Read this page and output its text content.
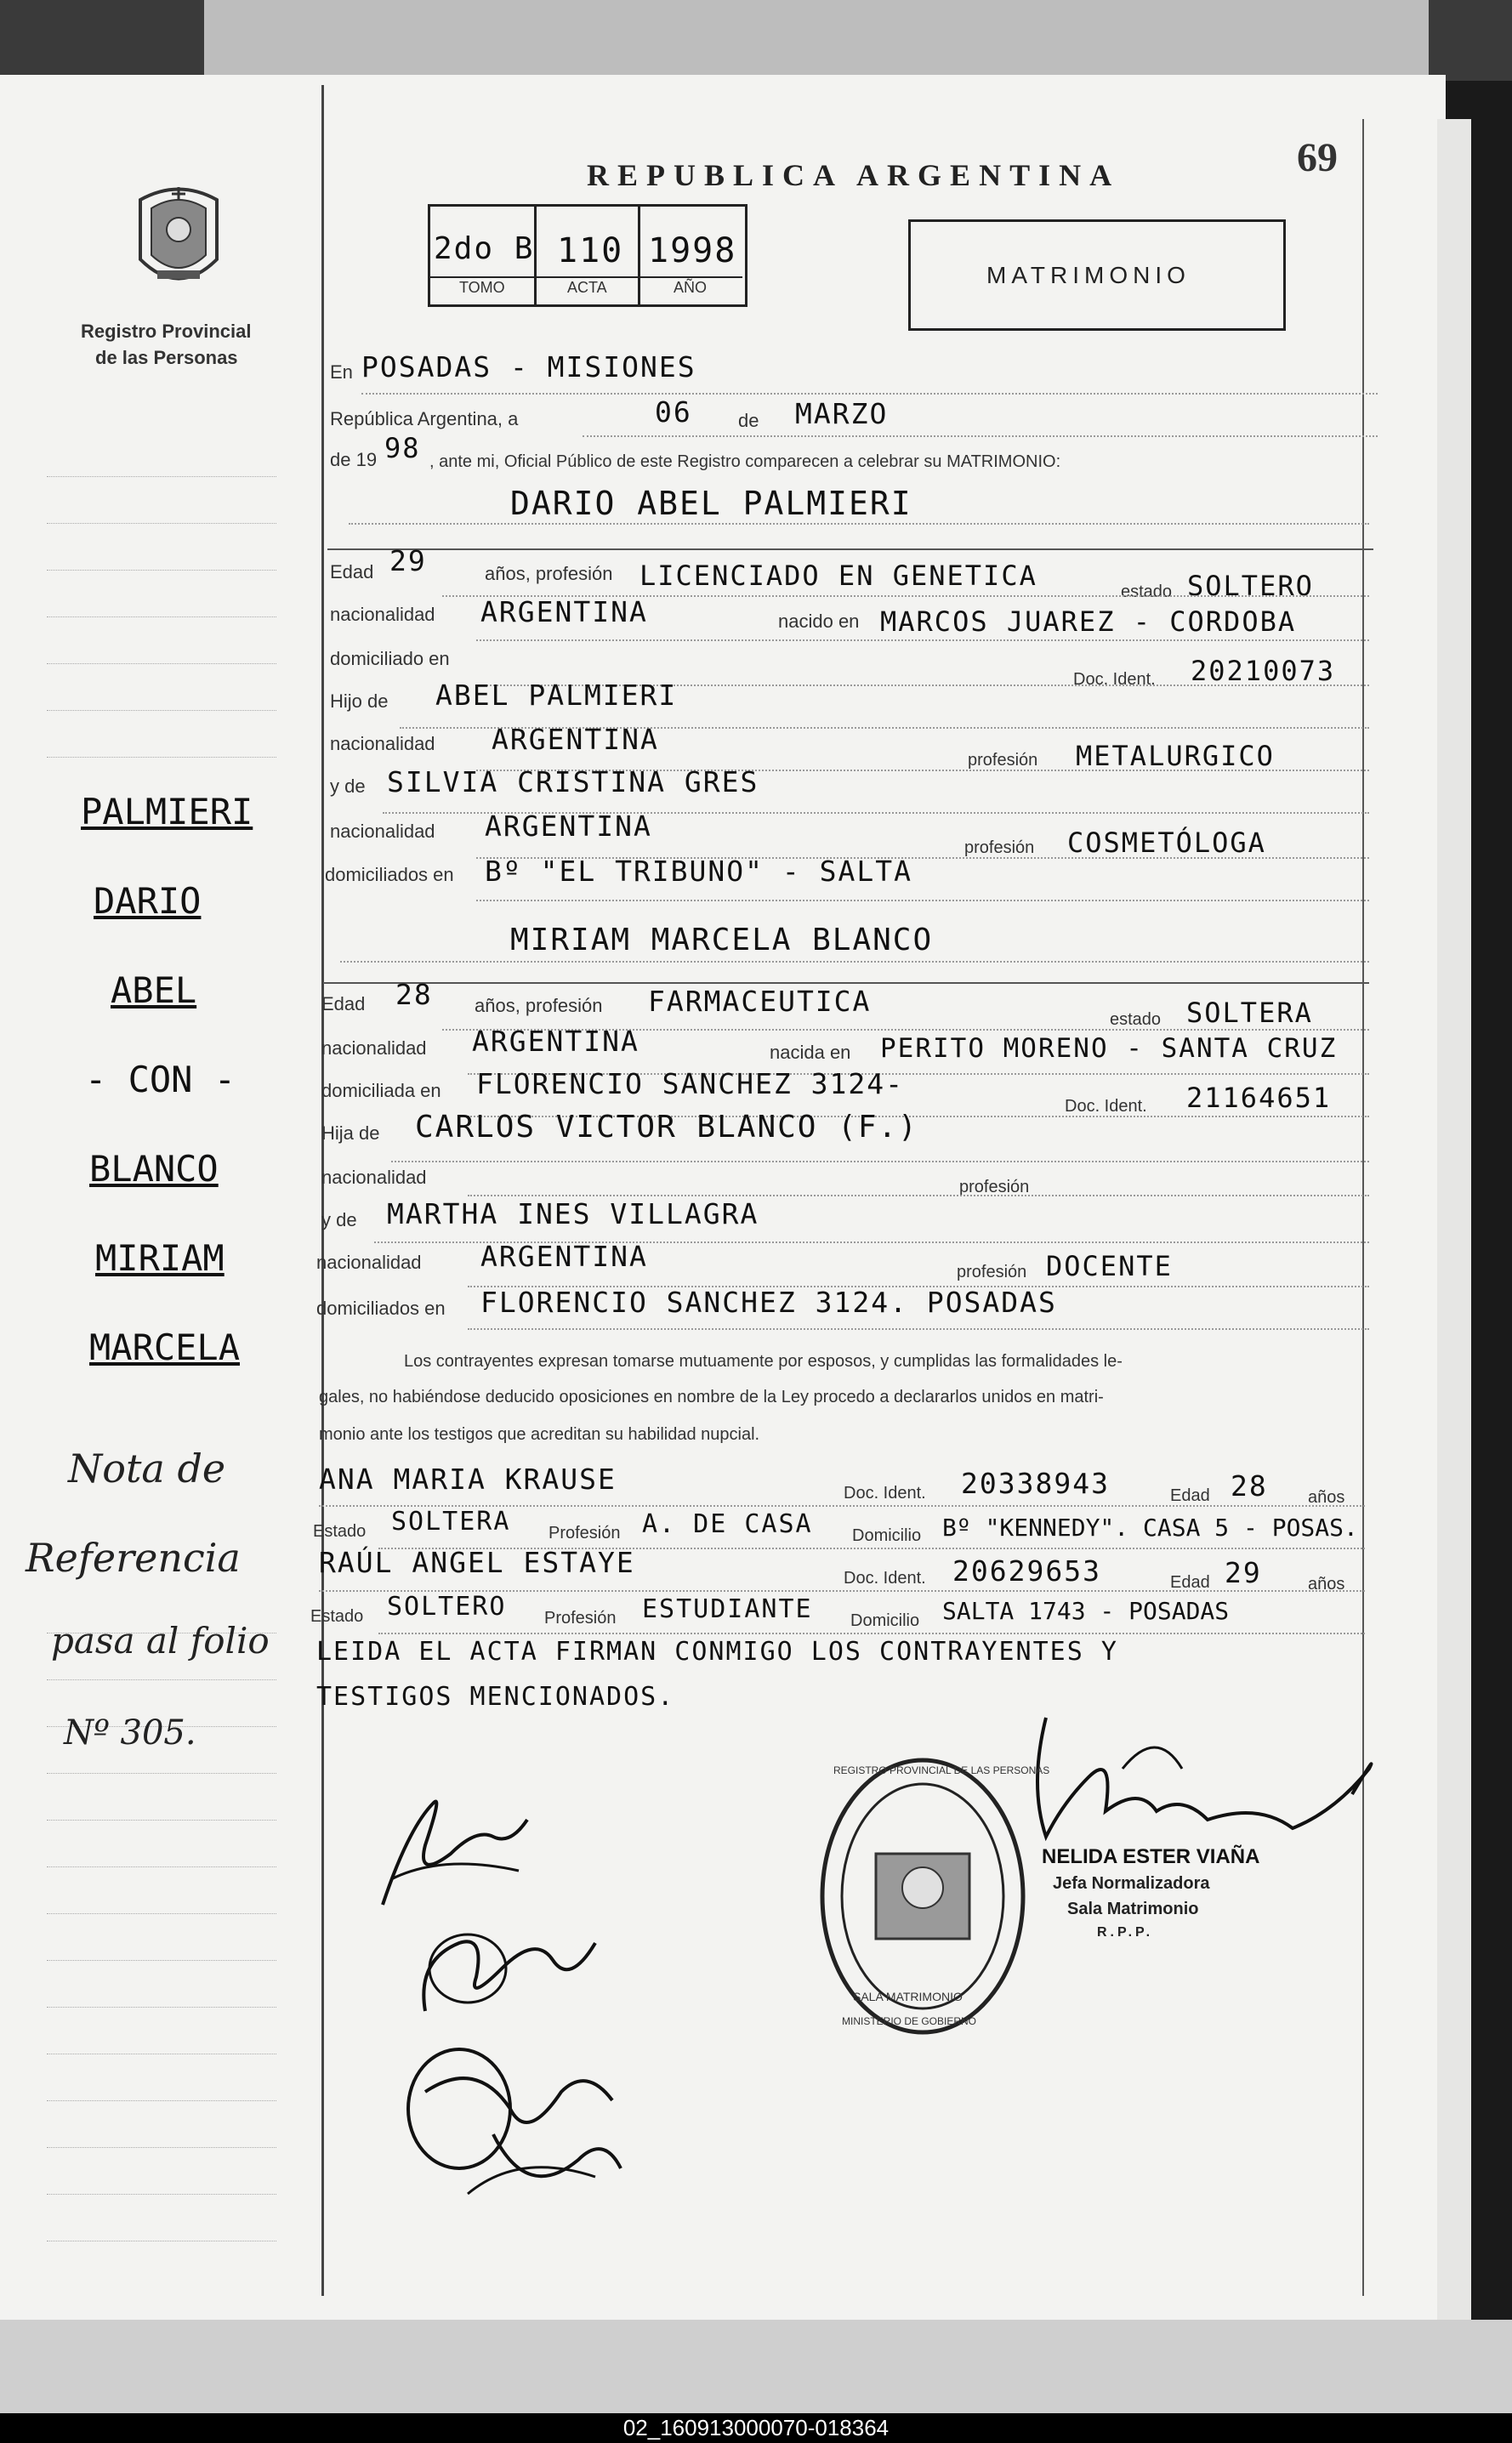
Registro Provincial
de las Personas
REPUBLICA ARGENTINA	69
2do B 110 1998
TOMO	ACTA	AÑO	MATRIMONIO
En POSADAS - MISIONES
República Argentina, a	06 de MARZO
de 19 98 , ante mi, Oficial Público de este Registro comparecen a celebrar su MATRIMONIO:
DARIO ABEL PALMIERI
Edad 29	años, profesión LICENCIADO EN GENETICA	estado SOLTERO
nacionalidad ARGENTINA	nacido en MARCOS JUAREZ - CORDOBA
domiciliado en
Doc. Ident. 20210073
Hijo de ABEL PALMIERI
nacionalidad ARGENTINA
profesión METALURGICO
y de SILVIA CRISTINA GRES
nacionalidad ARGENTINA
profesión COSMETÓLOGA
domiciliados en Bº "EL TRIBUNO" - SALTA
MIRIAM MARCELA BLANCO
Edad 28 años, profesión FARMACEUTICA
estado SOLTERA
nacionalidad ARGENTINA	nacida en PERITO MORENO - SANTA CRUZ
domiciliada en FLORENCIO SANCHEZ 3124-
Doc. Ident. 21164651
Hija de CARLOS VICTOR BLANCO (F.)
nacionalidad	profesión
y de MARTHA INES VILLAGRA
nacionalidad ARGENTINA	profesión DOCENTE
domiciliados en FLORENCIO SANCHEZ 3124. POSADAS
Los contrayentes expresan tomarse mutuamente por esposos, y cumplidas las formalidades le-
gales, no habiéndose deducido oposiciones en nombre de la Ley procedo a declararlos unidos en matri-
monio ante los testigos que acreditan su habilidad nupcial.
ANA MARIA KRAUSE	Doc. Ident. 20338943	Edad 28 años
Estado SOLTERA Profesión A. DE CASA Domicilio Bº "KENNEDY". CASA 5 - POSAS.
RAÚL ANGEL ESTAYE	Doc. Ident. 20629653	Edad 29	años
Estado SOLTERO Profesión ESTUDIANTE Domicilio SALTA 1743 - POSADAS
LEIDA EL ACTA FIRMAN CONMIGO LOS CONTRAYENTES Y
TESTIGOS MENCIONADOS.
SALA MATRIMONIO
REGISTRO PROVINCIAL DE LAS PERSONAS
MINISTERIO DE GOBIERNO
NELIDA ESTER VIAÑA
Jefa Normalizadora
Sala Matrimonio
R.P.P.
PALMIERI
DARIO
ABEL
- CON -
BLANCO
MIRIAM
MARCELA
Nota de
Referencia
pasa al folio
Nº 305.
02_160913000070-018364
